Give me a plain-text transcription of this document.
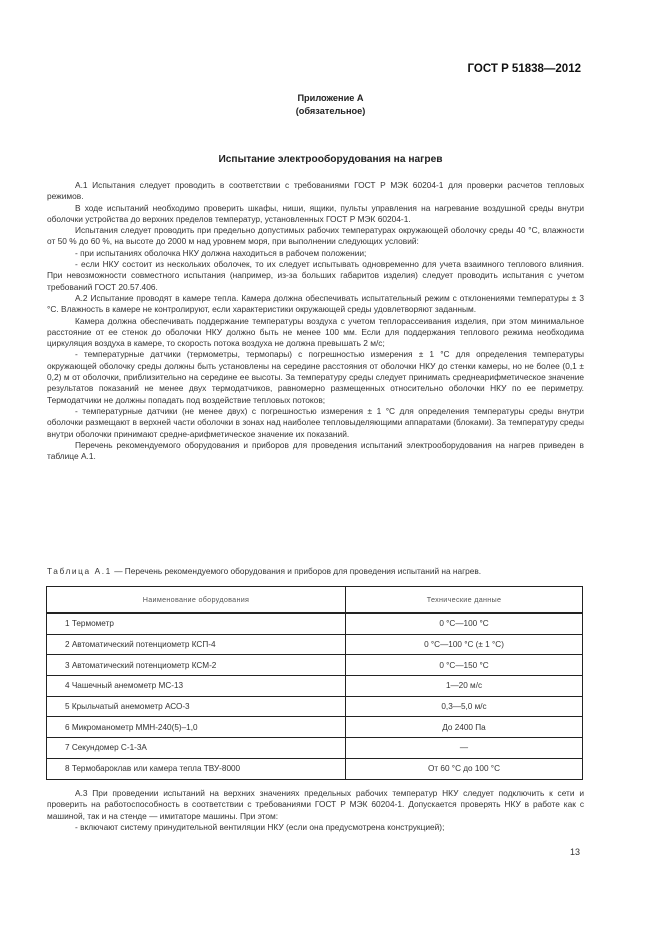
ГОСТ Р 51838—2012
Приложение А
(обязательное)
Испытание электрооборудования на нагрев

А.1 Испытания следует проводить в соответствии с требованиями ГОСТ Р МЭК 60204-1 для проверки расчетов тепловых режимов.

В ходе испытаний необходимо проверить шкафы, ниши, ящики, пульты управления на нагревание воздушной среды внутри оболочки устройства до верхних пределов температур, установленных ГОСТ Р МЭК 60204-1.

Испытания следует проводить при предельно допустимых рабочих температурах окружающей оболочку среды 40 °С, влажности от 50 % до 60 %, на высоте до 2000 м над уровнем моря, при выполнении следующих условий:

- при испытаниях оболочка НКУ должна находиться в рабочем положении;

- если НКУ состоит из нескольких оболочек, то их следует испытывать одновременно для учета взаимного теплового влияния. При невозможности совместного испытания (например, из-за больших габаритов изделия) следует проводить испытания с учетом требований ГОСТ 20.57.406.

А.2 Испытание проводят в камере тепла. Камера должна обеспечивать испытательный режим с отклонениями температуры ± 3 °С. Влажность в камере не контролируют, если характеристики окружающей среды удовлетворяют заданным.

Камера должна обеспечивать поддержание температуры воздуха с учетом теплорассеивания изделия, при этом минимальное расстояние от ее стенок до оболочки НКУ должно быть не менее 100 мм. Если для поддержания теплового режима необходима циркуляция воздуха в камере, то скорость потока воздуха не должна превышать 2 м/с;

- температурные датчики (термометры, термопары) с погрешностью измерения ± 1 °С для определения температуры окружающей оболочку среды должны быть установлены на середине расстояния от оболочки НКУ до стенки камеры, но не более (0,1 ± 0,2) м от оболочки, приблизительно на середине ее высоты. За температуру среды следует принимать среднеарифметическое значение результатов показаний не менее двух термодатчиков, равномерно размещенных относительно оболочки НКУ по ее периметру. Термодатчики не должны попадать под воздействие тепловых потоков;

- температурные датчики (не менее двух) с погрешностью измерения ± 1 °С для определения температуры среды внутри оболочки размещают в верхней части оболочки в зонах над наиболее тепловыделяющими аппаратами (блоками). За температуру среды внутри оболочки принимают средне-арифметическое значение их показаний.

Перечень рекомендуемого оборудования и приборов для проведения испытаний электрооборудования на нагрев приведен в таблице А.1.

Таблица А.1 — Перечень рекомендуемого оборудования и приборов для проведения испытаний на нагрев.
Наименование оборудования	Технические данные
1 Термометр	0 °С—100 °С
2 Автоматический потенциометр КСП-4	0 °С—100 °С (± 1 °С)
3 Автоматический потенциометр КСМ-2	0 °С—150 °С
4 Чашечный анемометр МС-13	1—20 м/с
5 Крыльчатый анемометр АСО-3	0,3—5,0 м/с
6 Микроманометр ММН-240(5)–1,0	До 2400 Па
7 Секундомер С-1-3А	—
8 Термобароклав или камера тепла ТВУ-8000	От 60 °С до 100 °С

А.3 При проведении испытаний на верхних значениях предельных рабочих температур НКУ следует подключить к сети и проверить на работоспособность в соответствии с требованиями ГОСТ Р МЭК 60204-1. Допускается проверять НКУ в работе как с машиной, так и на стенде — имитаторе машины. При этом:

- включают систему принудительной вентиляции НКУ (если она предусмотрена конструкцией);

13
